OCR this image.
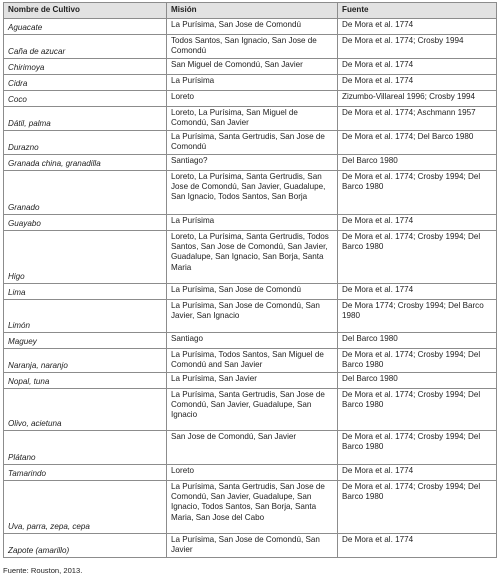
Nombre de Cultivo	Misión	Fuente
Aguacate	La Purísima, San Jose de Comondú	De Mora et al. 1774
Caña de azucar	Todos Santos, San Ignacio, San Jose de Comondú	De Mora et al. 1774; Crosby 1994
Chirimoya	San Miguel de Comondú, San Javier	De Mora et al. 1774
Cidra	La Purísima	De Mora et al. 1774
Coco	Loreto	Zizumbo-Villareal 1996; Crosby 1994
Dátil, palma	Loreto, La Purísima, San Miguel de Comondú, San Javier	De Mora et al. 1774; Aschmann 1957
Durazno	La Purísima, Santa Gertrudis, San Jose de Comondú	De Mora et al. 1774; Del Barco 1980
Granada china, granadilla	Santiago?	Del Barco 1980
Granado	Loreto, La Purísima, Santa Gertrudis, San Jose de Comondú, San Javier, Guadalupe, San Ignacio, Todos Santos, San Borja	De Mora et al. 1774; Crosby 1994; Del Barco 1980
Guayabo	La Purísima	De Mora et al. 1774
Higo	Loreto, La Purísima, Santa Gertrudis, Todos Santos, San Jose de Comondú, San Javier, Guadalupe, San Ignacio, San Borja, Santa Maria	De Mora et al. 1774; Crosby 1994; Del Barco 1980
Lima	La Purísima, San Jose de Comondú	De Mora et al. 1774
Limón	La Purísima, San Jose de Comondú, San Javier, San Ignacio	De Mora 1774; Crosby 1994; Del Barco 1980
Maguey	Santiago	Del Barco 1980
Naranja, naranjo	La Purísima, Todos Santos, San Miguel de Comondú and San Javier	De Mora et al. 1774; Crosby 1994; Del Barco 1980
Nopal, tuna	La Purísima, San Javier	Del Barco 1980
Olivo, acietuna	La Purísima, Santa Gertrudis, San Jose de Comondú, San Javier, Guadalupe, San Ignacio	De Mora et al. 1774; Crosby 1994; Del Barco 1980
Plátano	San Jose de Comondú, San Javier	De Mora et al. 1774; Crosby 1994; Del Barco 1980
Tamarindo	Loreto	De Mora et al. 1774
Uva, parra, zepa, cepa	La Purísima, Santa Gertrudis, San Jose de Comondú, San Javier, Guadalupe, San Ignacio, Todos Santos, San Borja, Santa Maria, San Jose del Cabo	De Mora et al. 1774; Crosby 1994; Del Barco 1980
Zapote (amarillo)	La Purísima, San Jose de Comondú, San Javier	De Mora et al. 1774
Fuente: Rouston, 2013.
